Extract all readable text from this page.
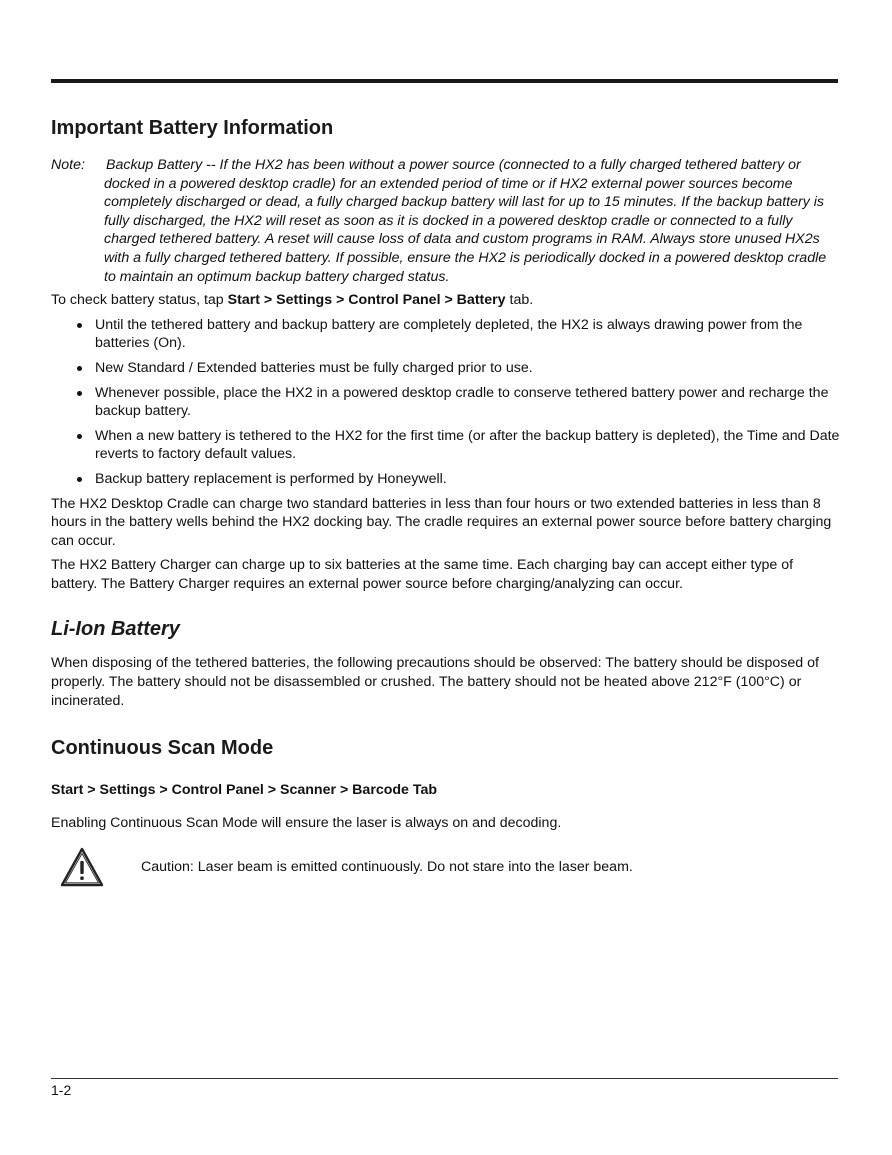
Important Battery Information
Note: Backup Battery -- If the HX2 has been without a power source (connected to a fully charged tethered battery or docked in a powered desktop cradle) for an extended period of time or if HX2 external power sources become completely discharged or dead, a fully charged backup battery will last for up to 15 minutes. If the backup battery is fully discharged, the HX2 will reset as soon as it is docked in a powered desktop cradle or connected to a fully charged tethered battery. A reset will cause loss of data and custom programs in RAM. Always store unused HX2s with a fully charged tethered battery. If possible, ensure the HX2 is periodically docked in a powered desktop cradle to maintain an optimum backup battery charged status.

To check battery status, tap Start > Settings > Control Panel > Battery tab.

Until the tethered battery and backup battery are completely depleted, the HX2 is always drawing power from the batteries (On).
New Standard / Extended batteries must be fully charged prior to use.
Whenever possible, place the HX2 in a powered desktop cradle to conserve tethered battery power and recharge the backup battery.
When a new battery is tethered to the HX2 for the first time (or after the backup battery is depleted), the Time and Date reverts to factory default values.
Backup battery replacement is performed by Honeywell.

The HX2 Desktop Cradle can charge two standard batteries in less than four hours or two extended batteries in less than 8 hours in the battery wells behind the HX2 docking bay. The cradle requires an external power source before battery charging can occur.

The HX2 Battery Charger can charge up to six batteries at the same time. Each charging bay can accept either type of battery. The Battery Charger requires an external power source before charging/analyzing can occur.

Li-Ion Battery

When disposing of the tethered batteries, the following precautions should be observed: The battery should be disposed of properly. The battery should not be disassembled or crushed. The battery should not be heated above 212°F (100°C) or incinerated.

Continuous Scan Mode

Start > Settings > Control Panel > Scanner > Barcode Tab

Enabling Continuous Scan Mode will ensure the laser is always on and decoding.

Caution: Laser beam is emitted continuously. Do not stare into the laser beam.
1-2
